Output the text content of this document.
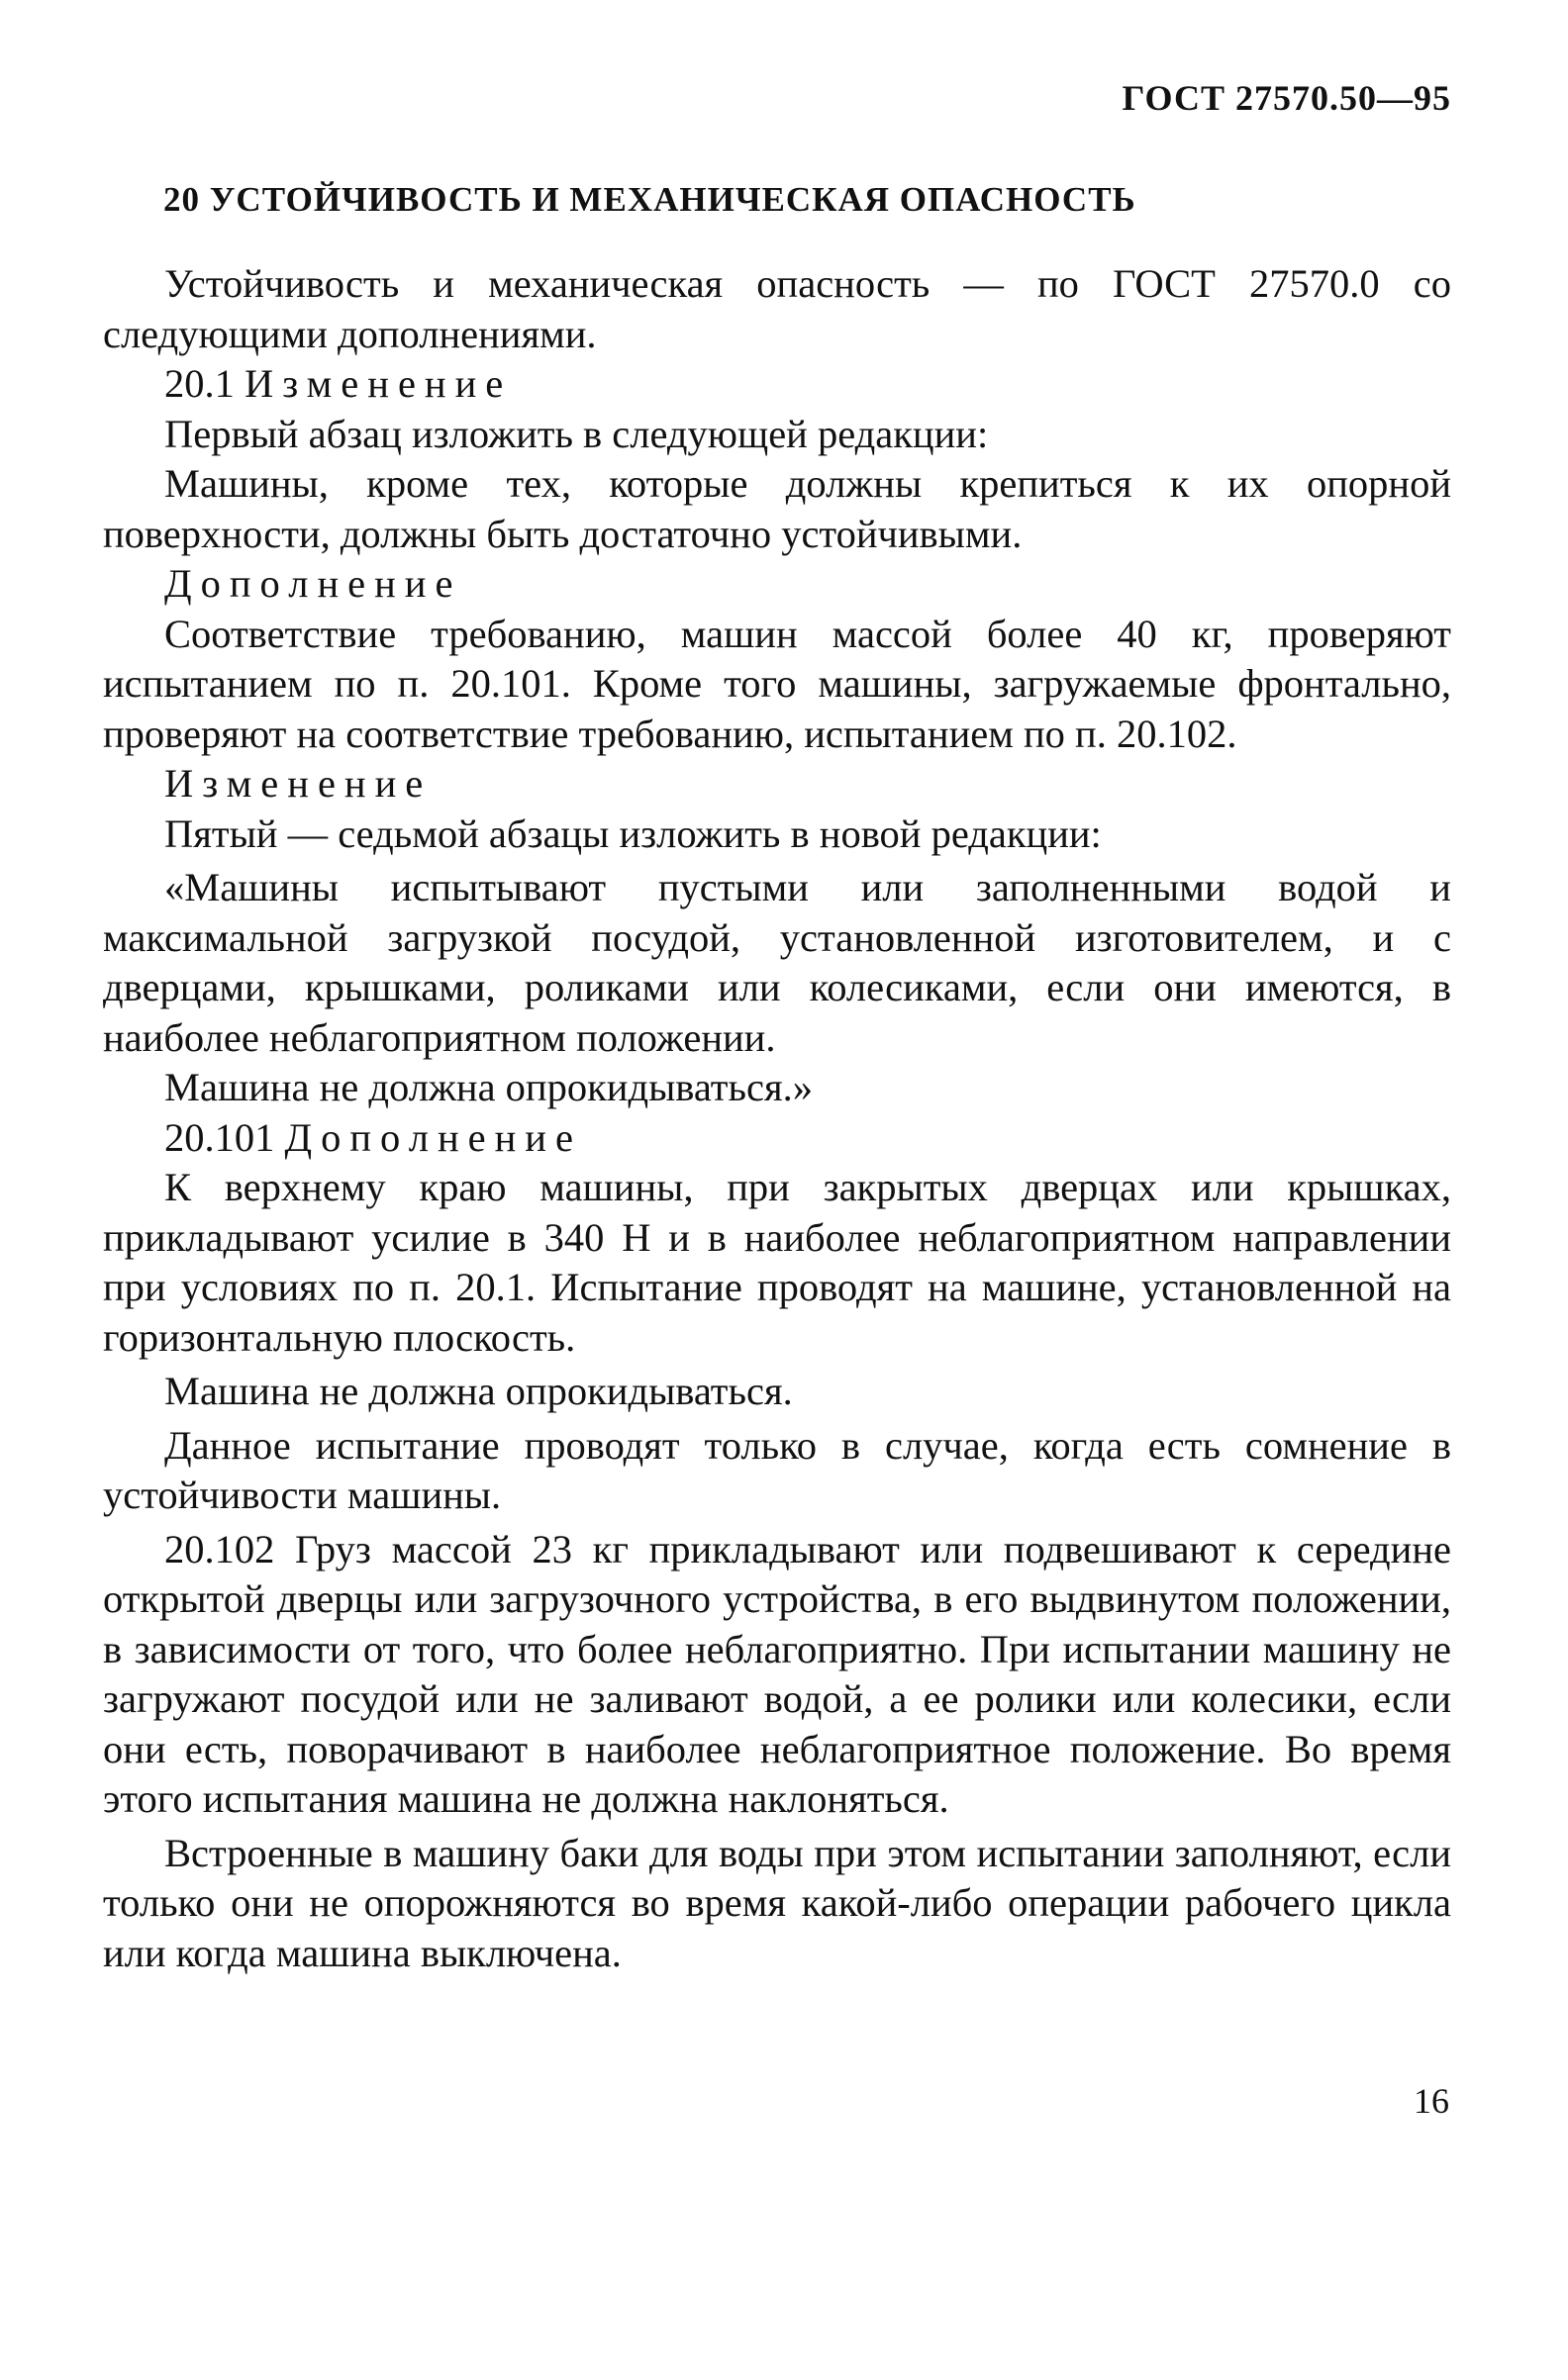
ГОСТ 27570.50—95
20 УСТОЙЧИВОСТЬ И МЕХАНИЧЕСКАЯ ОПАСНОСТЬ

Устойчивость и механическая опасность — по ГОСТ 27570.0 со следующими дополнениями.

20.1 Изменение

Первый абзац изложить в следующей редакции:

Машины, кроме тех, которые должны крепиться к их опорной поверхности, должны быть достаточно устойчивыми.

Дополнение

Соответствие требованию, машин массой более 40 кг, проверяют испытанием по п. 20.101. Кроме того машины, загружаемые фронтально, проверяют на соответствие требованию, испытанием по п. 20.102.

Изменение

Пятый — седьмой абзацы изложить в новой редакции:

«Машины испытывают пустыми или заполненными водой и максимальной загрузкой посудой, установленной изготовителем, и с дверцами, крышками, роликами или колесиками, если они имеются, в наиболее неблагоприятном положении.

Машина не должна опрокидываться.»

20.101 Дополнение

К верхнему краю машины, при закрытых дверцах или крышках, прикладывают усилие в 340 Н и в наиболее неблагоприятном направлении при условиях по п. 20.1. Испытание проводят на машине, установленной на горизонтальную плоскость.

Машина не должна опрокидываться.

Данное испытание проводят только в случае, когда есть сомнение в устойчивости машины.

20.102 Груз массой 23 кг прикладывают или подвешивают к середине открытой дверцы или загрузочного устройства, в его выдвинутом положении, в зависимости от того, что более неблагоприятно. При испытании машину не загружают посудой или не заливают водой, а ее ролики или колесики, если они есть, поворачивают в наиболее неблагоприятное положение. Во время этого испытания машина не должна наклоняться.

Встроенные в машину баки для воды при этом испытании заполняют, если только они не опорожняются во время какой-либо операции рабочего цикла или когда машина выключена.

16
